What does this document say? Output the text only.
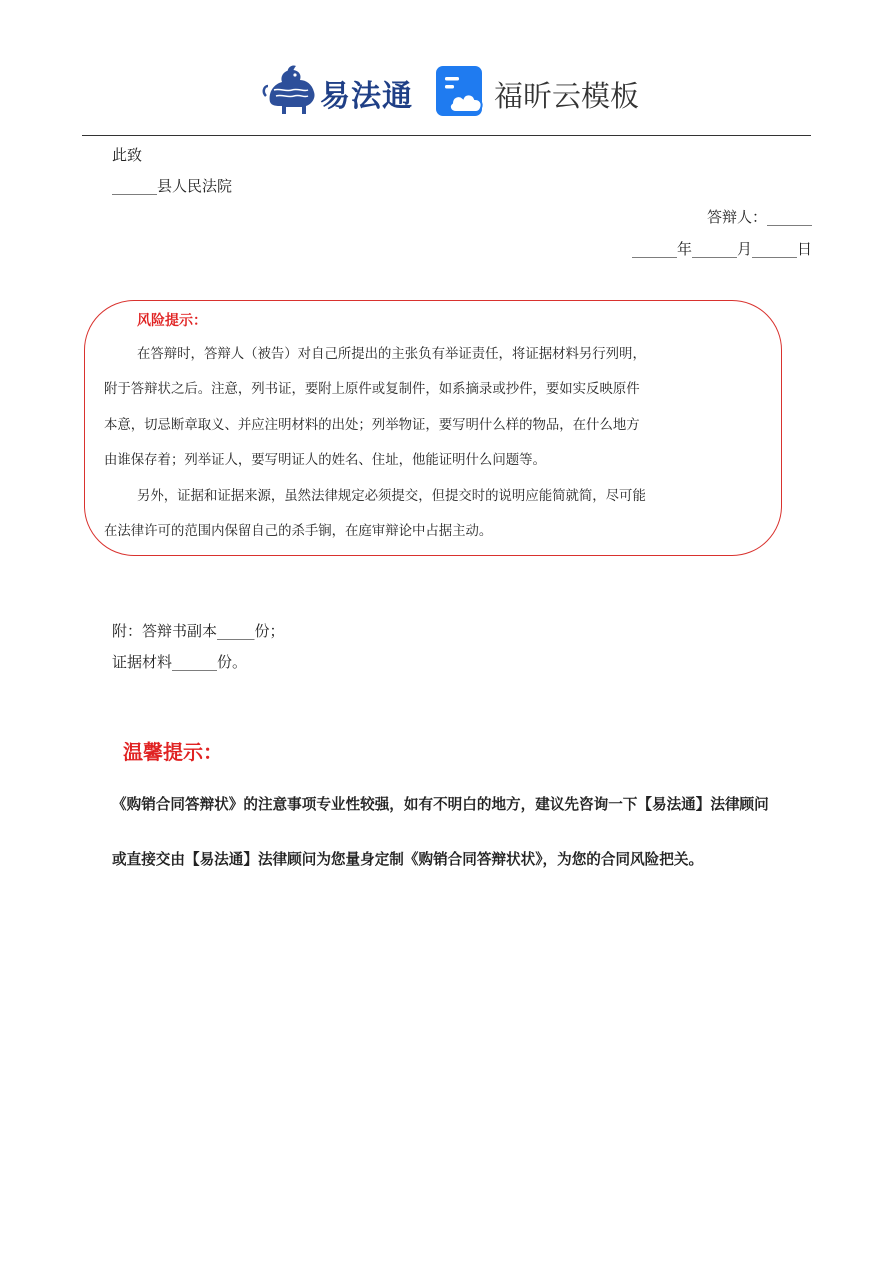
易法通	福昕云模板
此致
______县人民法院
答辩人：______
______年______月______日
风险提示：
在答辩时，答辩人（被告）对自己所提出的主张负有举证责任，将证据材料另行列明，
附于答辩状之后。注意，列书证，要附上原件或复制件，如系摘录或抄件，要如实反映原件
本意，切忌断章取义、并应注明材料的出处；列举物证，要写明什么样的物品，在什么地方
由谁保存着；列举证人，要写明证人的姓名、住址，他能证明什么问题等。
另外，证据和证据来源，虽然法律规定必须提交，但提交时的说明应能简就简，尽可能
在法律许可的范围内保留自己的杀手锏，在庭审辩论中占据主动。
附：答辩书副本_____份；
证据材料______份。
温馨提示：
《购销合同答辩状》的注意事项专业性较强，如有不明白的地方，建议先咨询一下【易法通】法律顾问
或直接交由【易法通】法律顾问为您量身定制《购销合同答辩状状》，为您的合同风险把关。
